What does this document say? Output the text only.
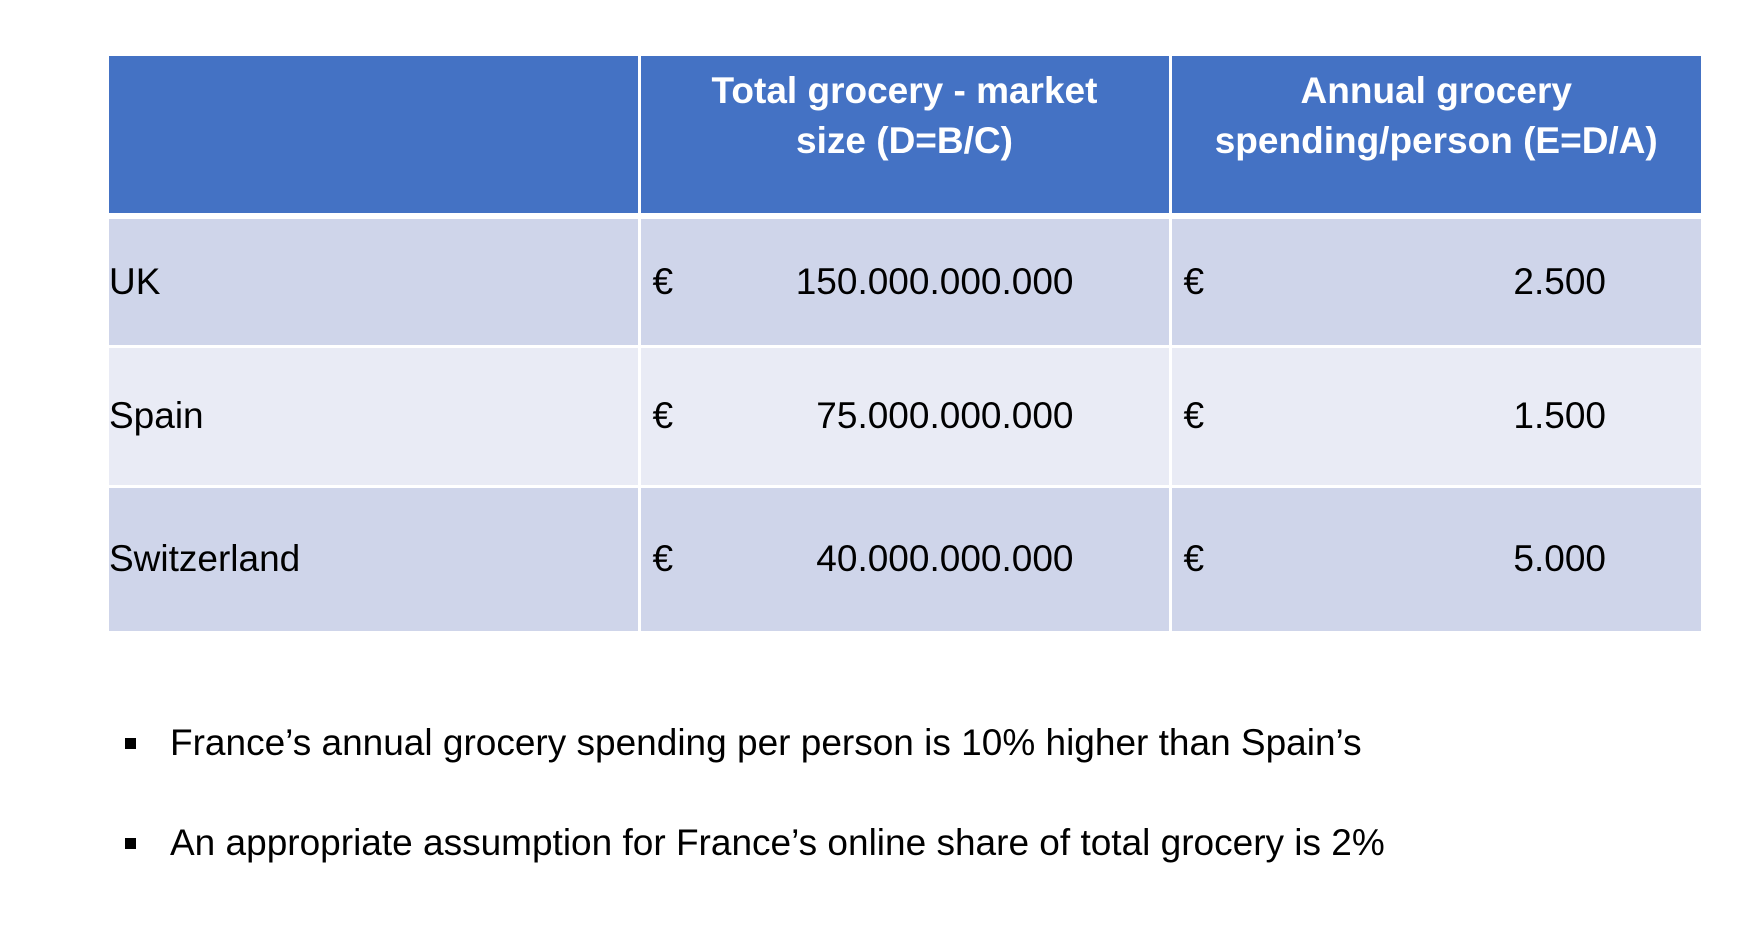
	Total grocery - market size (D=B/C)	Annual grocery spending/person (E=D/A)
UK	€ 150.000.000.000	€ 2.500

Spain	€ 75.000.000.000	€ 1.500

Switzerland	€ 40.000.000.000	€ 5.000
France’s annual grocery spending per person is 10% higher than Spain’s
An appropriate assumption for France’s online share of total grocery is 2%
